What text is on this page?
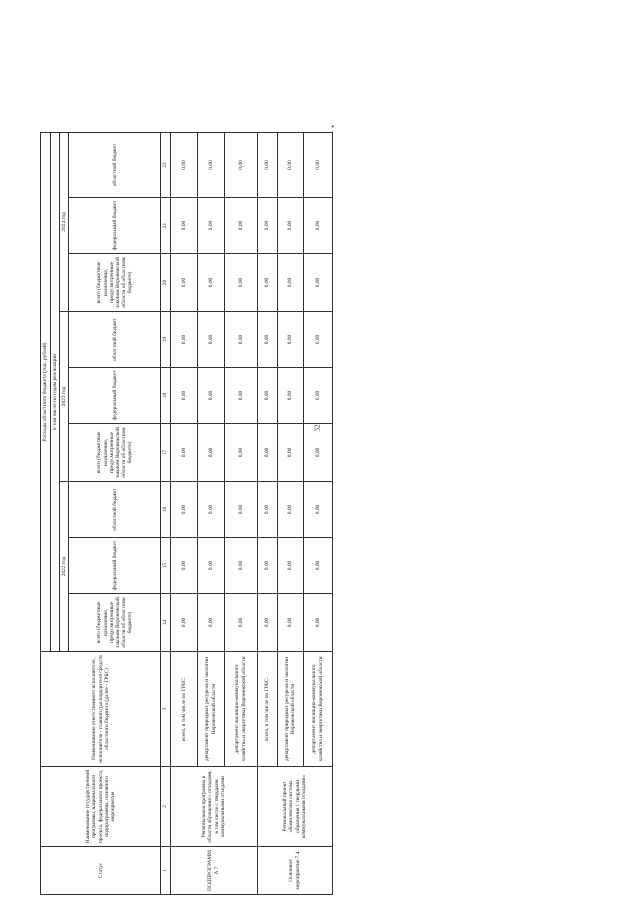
32
*
Статус	Наименование государственной программы, национального проекта, федерального проекта, подпрограммы, основного мероприятия	Наименование ответственного исполнителя, исполнителя - главного распорядителя средств областного бюджета (далее - ГРБС)	Расходы областного бюджета (тыс. рублей)								
			в том числе по годам реализации								
			2022 год			2023 год			2024 год		
			всего (бюджетные назначения, предусмотренные законом Воронежской области об областном бюджете)	федеральный бюджет	областной бюджет	всего (бюджетные назначения, предусмотренные законом Воронежской области об областном бюджете)	федеральный бюджет	областной бюджет	всего (бюджетные назначения, предусмотренные законом Воронежской области об областном бюджете)	федеральный бюджет	областной бюджет
1	2	3	14	15	16	17	18	19	20	21	22
ПОДПРОГРАММА 7	Региональная программа в области обращения с отходами, в том числе с твердыми коммунальными отходами	всего, в том числе по ГРБС:	0,00	0,00	0,00	0,00	0,00	0,00	0,00	0,00	0,00
		департамент природных ресурсов и экологии Воронежской области	0,00	0,00	0,00	0,00	0,00	0,00	0,00	0,00	0,00
		департамент жилищно-коммунального хозяйства и энергетики Воронежской области	0,00	0,00	0,00	0,00	0,00	0,00	0,00	0,00	0,00
Основное мероприятие 7.4	Региональный проект «Комплексная система обращения с твердыми коммунальными отходами»	всего, в том числе по ГРБС:	0,00	0,00	0,00	0,00	0,00	0,00	0,00	0,00	0,00
		департамент природных ресурсов и экологии Воронежской области	0,00	0,00	0,00	0,00	0,00	0,00	0,00	0,00	0,00
		департамент жилищно-коммунального хозяйства и энергетики Воронежской области	0,00	0,00	0,00	0,00	0,00	0,00	0,00	0,00	0,00
